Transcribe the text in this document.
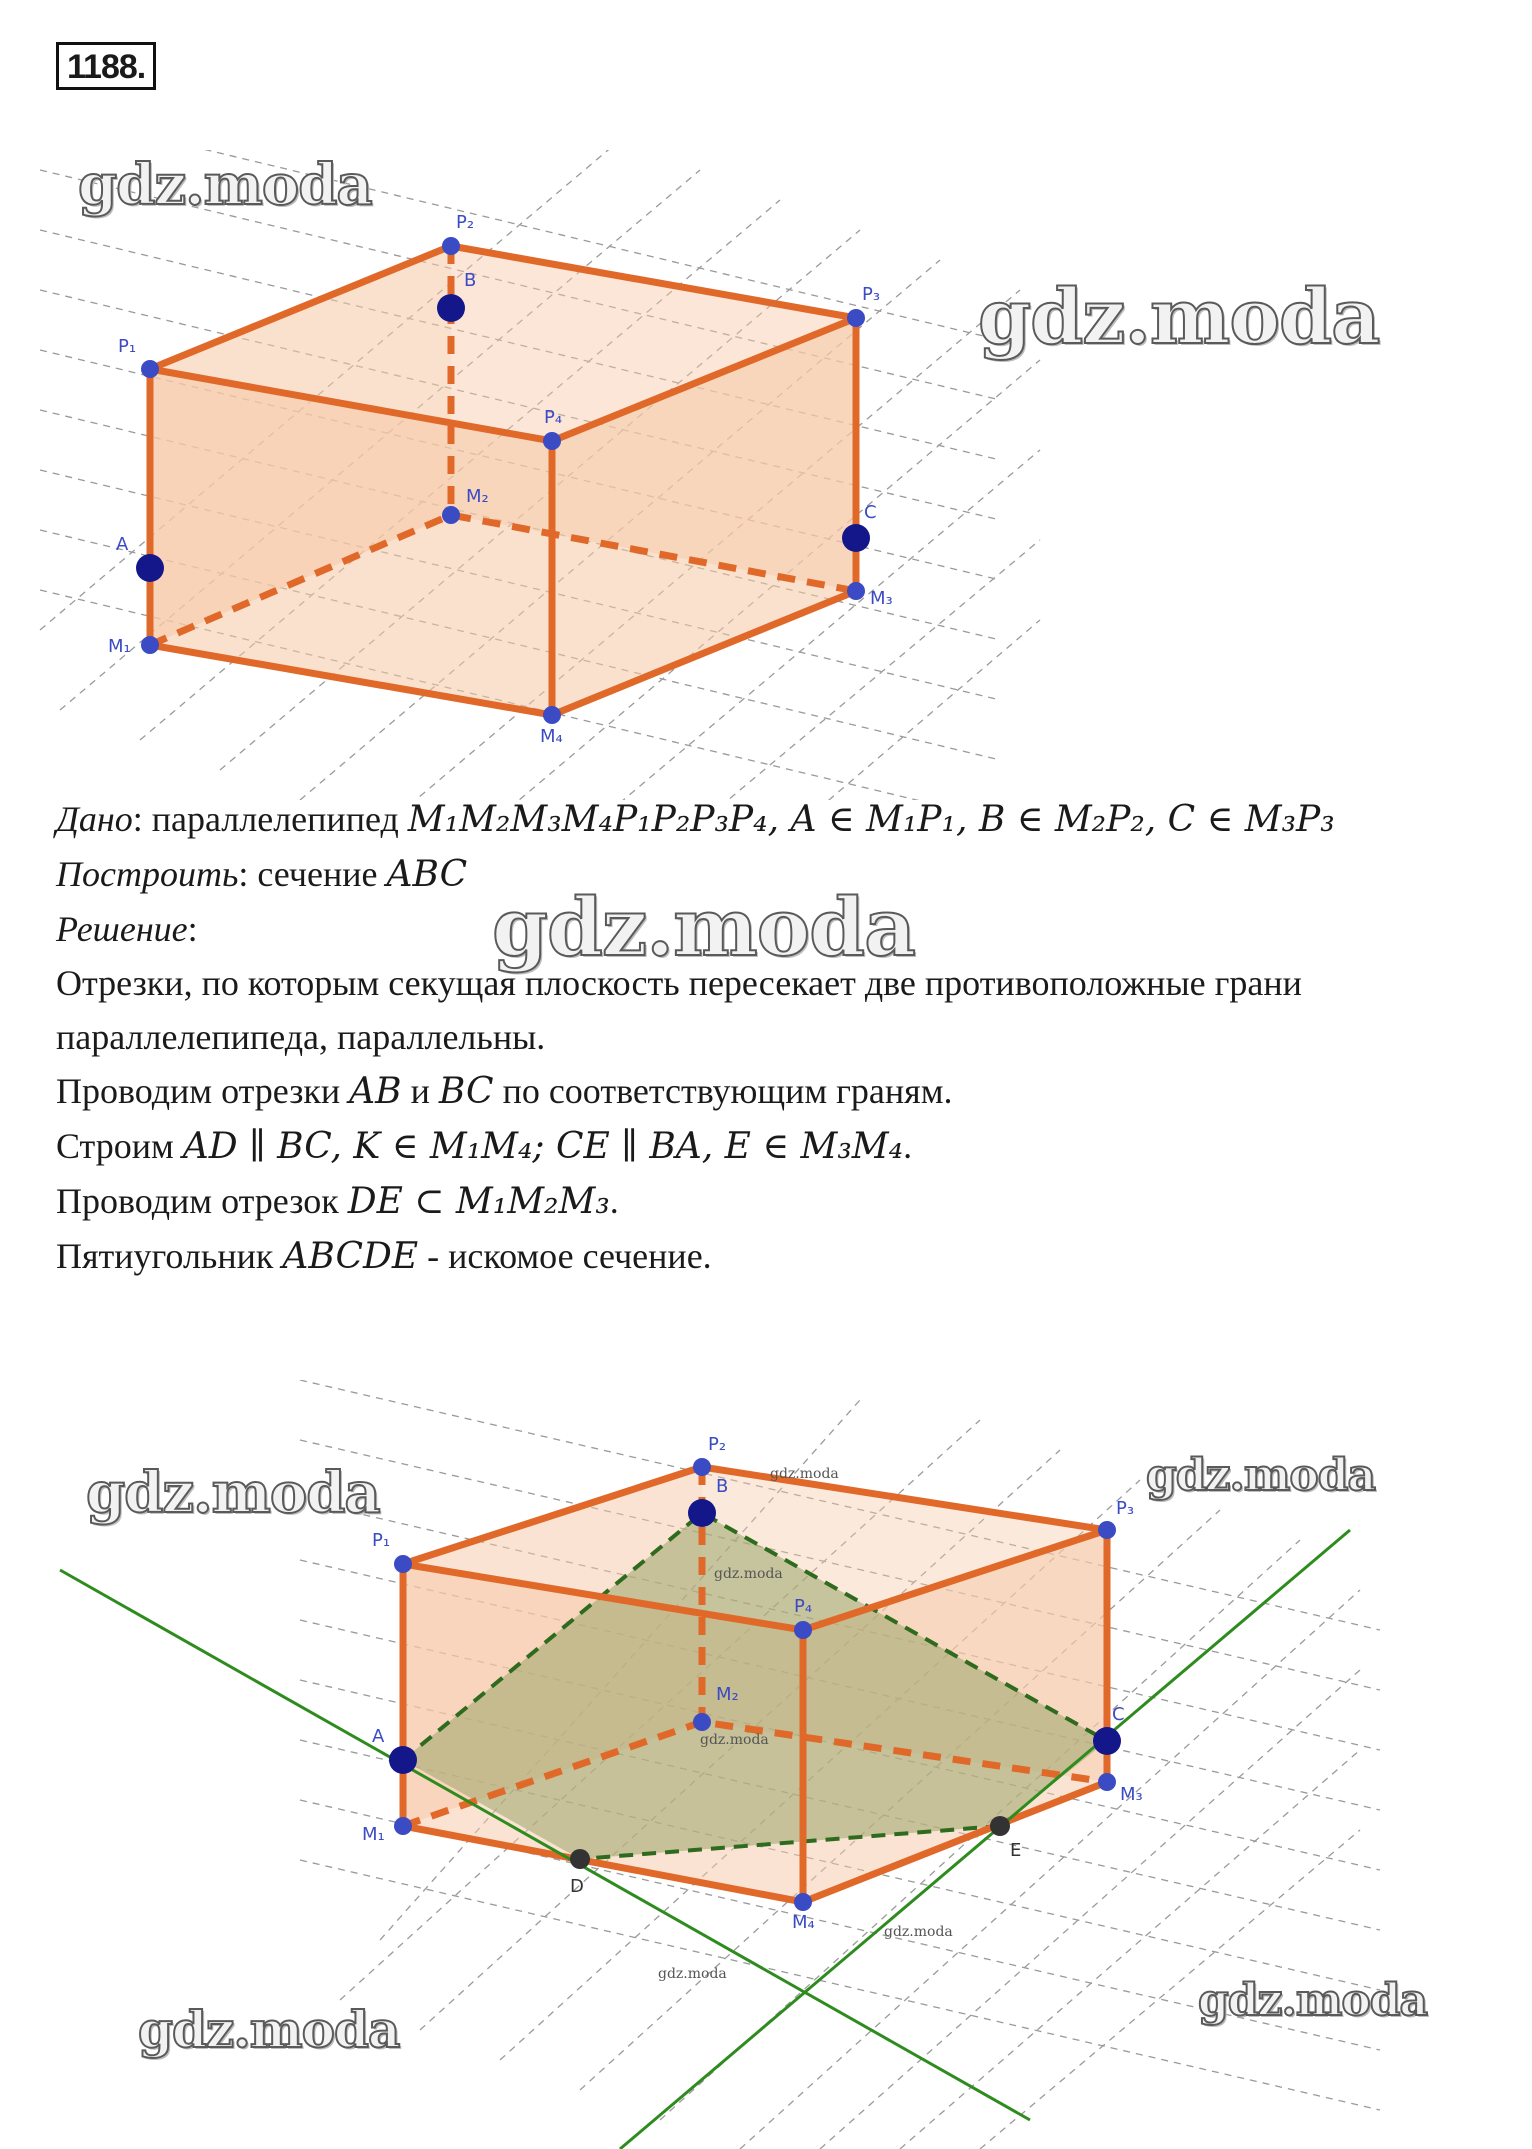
1188.
P₁
P₂
P₃
P₄
M₁
M₂
M₃
M₄
A
B
C
gdz.moda
gdz.moda
Дано: параллелепипед M₁M₂M₃M₄P₁P₂P₃P₄, A ∈ M₁P₁, B ∈ M₂P₂, C ∈ M₃P₃
Построить: сечение ABC
Решение:
Отрезки, по которым секущая плоскость пересекает две противоположные грани
параллелепипеда, параллельны.
Проводим отрезки AB и BC по соответствующим граням.
Строим AD ∥ BC, K ∈ M₁M₄; CE ∥ BA, E ∈ M₃M₄.
Проводим отрезок DE ⊂ M₁M₂M₃.
Пятиугольник ABCDE - искомое сечение.
gdz.moda
P₁
P₂
P₃
P₄
M₁
M₂
M₃
M₄
A
B
C
D
E
gdz.moda	gdz.moda
gdz.moda	gdz.moda
gdz.moda
gdz.moda
gdz.moda
gdz.moda
gdz.moda
